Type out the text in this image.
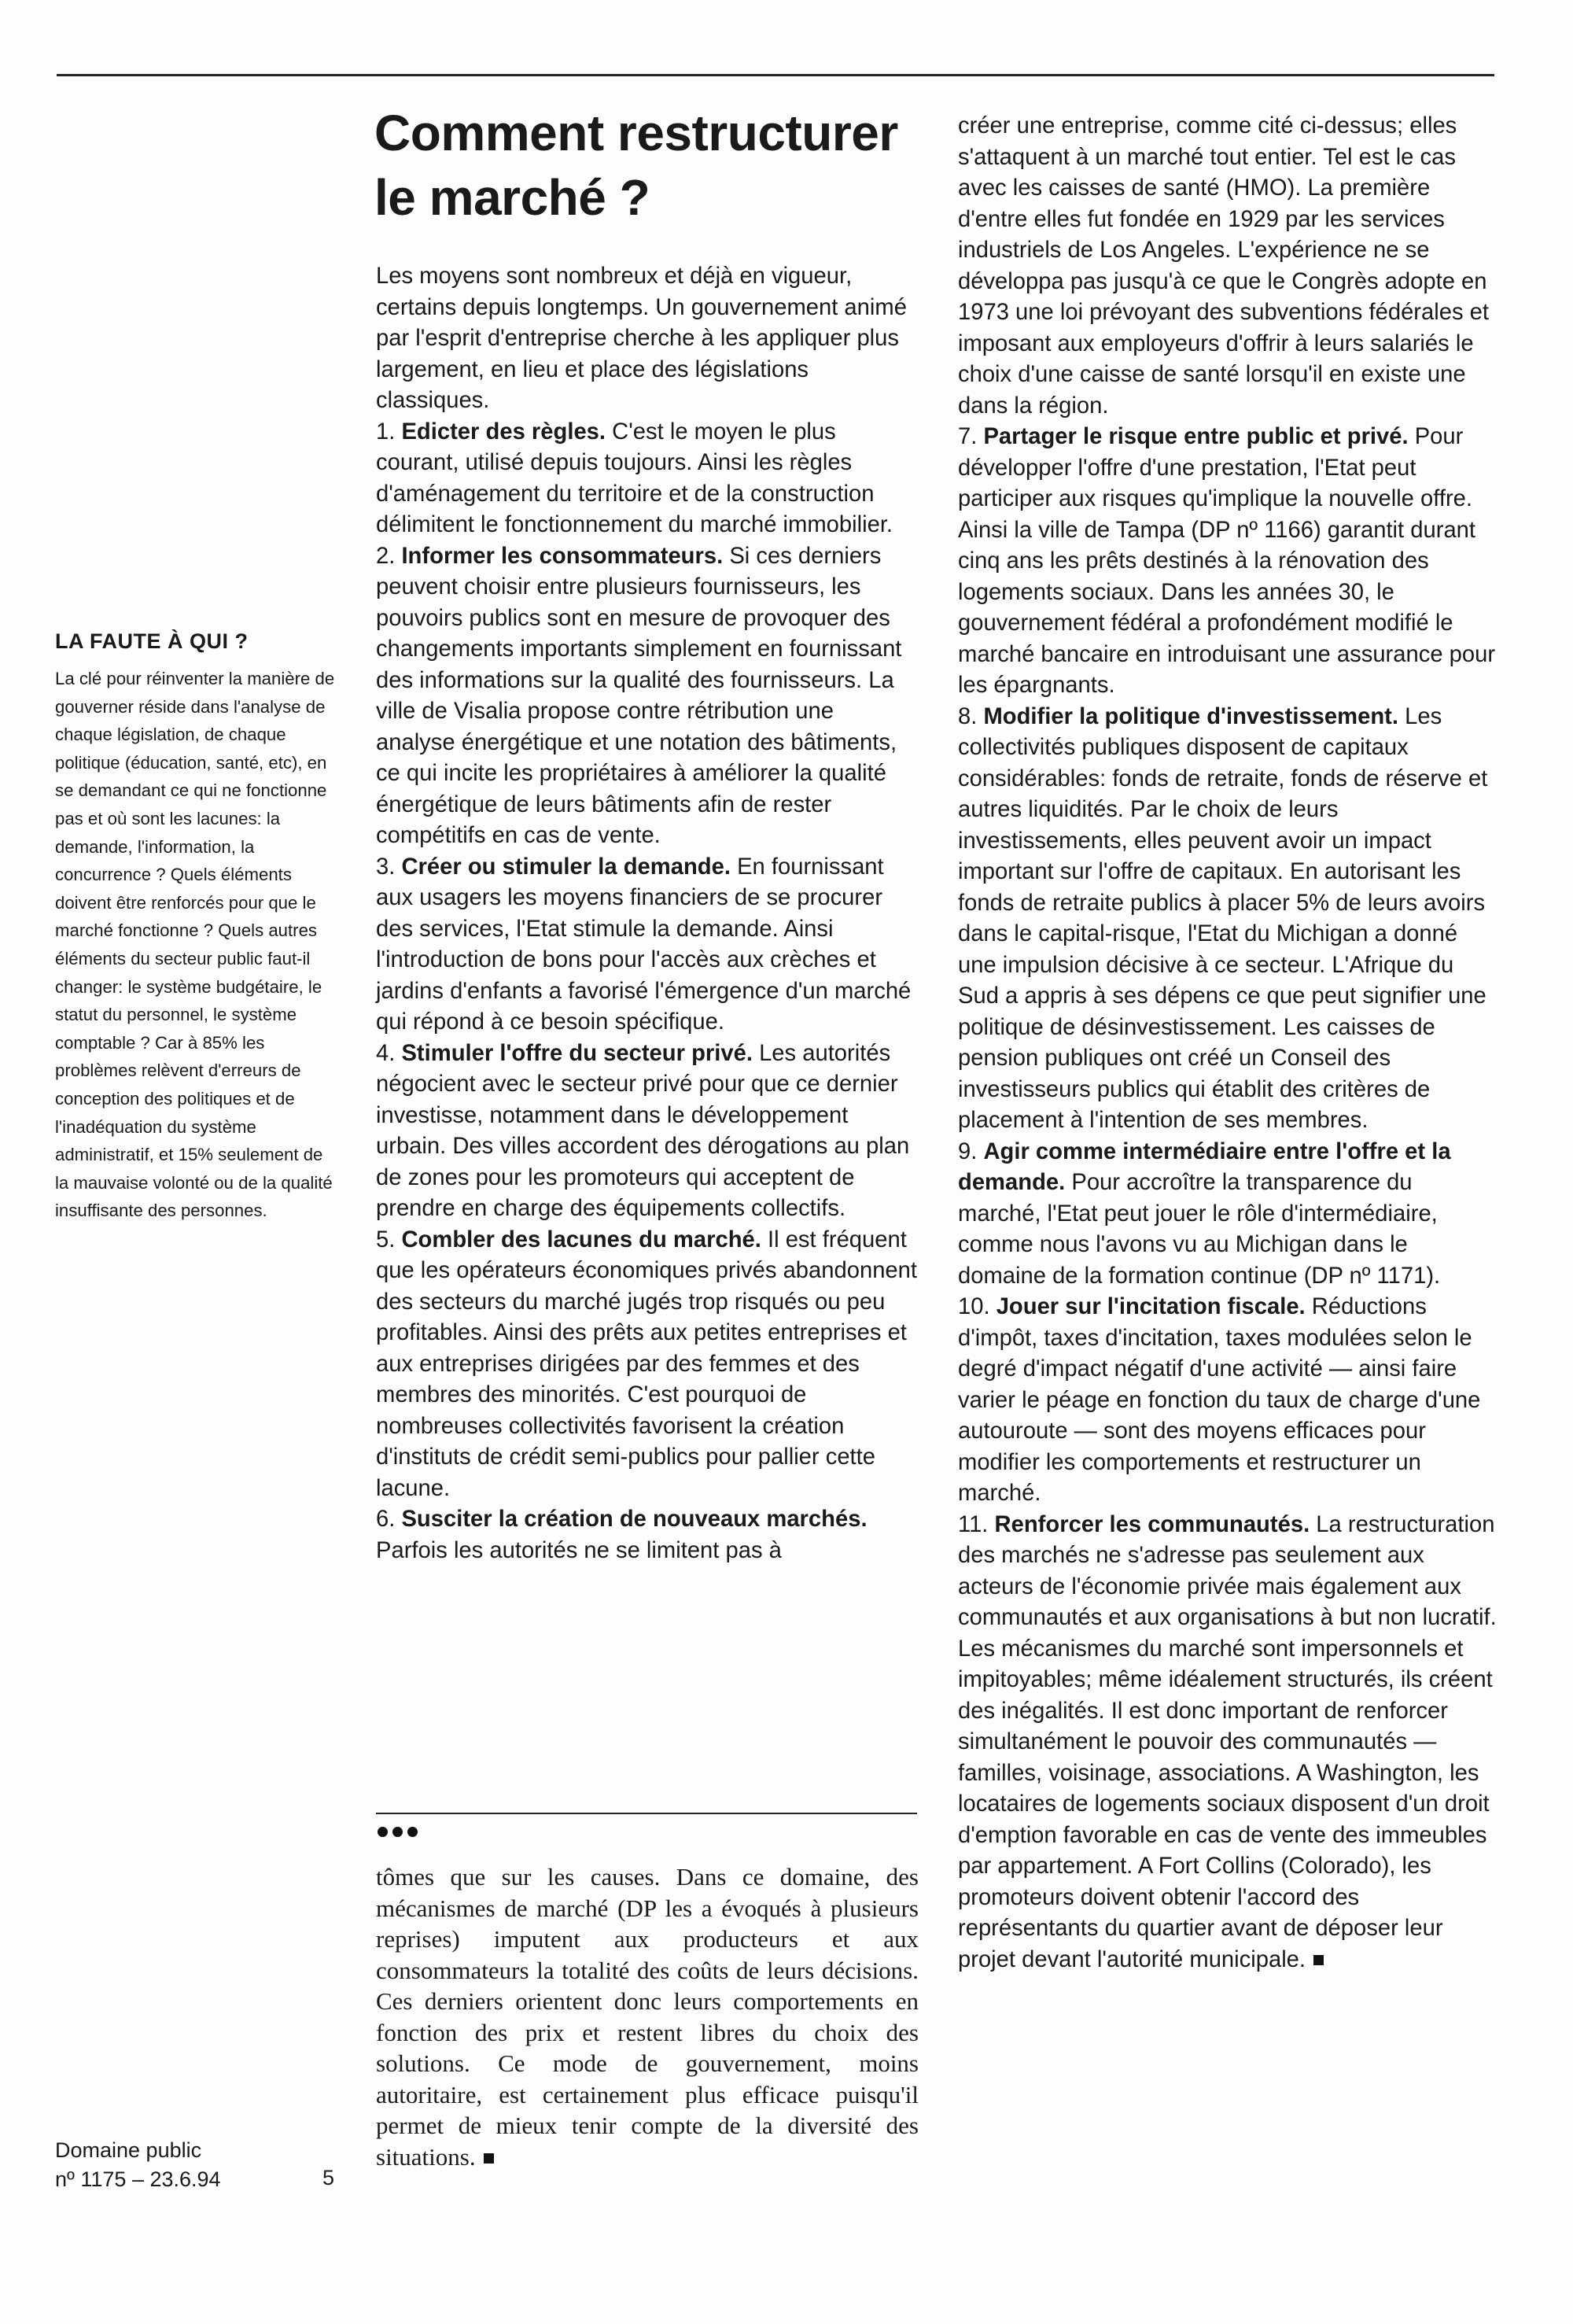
LA FAUTE À QUI ?

La clé pour réinventer la manière de gouverner réside dans l'analyse de chaque législation, de chaque politique (éducation, santé, etc), en se demandant ce qui ne fonctionne pas et où sont les lacunes: la demande, l'information, la concurrence ? Quels éléments doivent être renforcés pour que le marché fonctionne ? Quels autres éléments du secteur public faut-il changer: le système budgétaire, le statut du personnel, le système comptable ? Car à 85% les problèmes relèvent d'erreurs de conception des politiques et de l'inadéquation du système administratif, et 15% seulement de la mauvaise volonté ou de la qualité insuffisante des personnes.

Comment restructurer
le marché ?

Les moyens sont nombreux et déjà en vigueur, certains depuis longtemps. Un gouvernement animé par l'esprit d'entreprise cherche à les appliquer plus largement, en lieu et place des législations classiques.

1. Edicter des règles. C'est le moyen le plus courant, utilisé depuis toujours. Ainsi les règles d'aménagement du territoire et de la construction délimitent le fonctionnement du marché immobilier.

2. Informer les consommateurs. Si ces derniers peuvent choisir entre plusieurs fournisseurs, les pouvoirs publics sont en mesure de provoquer des changements importants simplement en fournissant des informations sur la qualité des fournisseurs. La ville de Visalia propose contre rétribution une analyse énergétique et une notation des bâtiments, ce qui incite les propriétaires à améliorer la qualité énergétique de leurs bâtiments afin de rester compétitifs en cas de vente.

3. Créer ou stimuler la demande. En fournissant aux usagers les moyens financiers de se procurer des services, l'Etat stimule la demande. Ainsi l'introduction de bons pour l'accès aux crèches et jardins d'enfants a favorisé l'émergence d'un marché qui répond à ce besoin spécifique.

4. Stimuler l'offre du secteur privé. Les autorités négocient avec le secteur privé pour que ce dernier investisse, notamment dans le développement urbain. Des villes accordent des dérogations au plan de zones pour les promoteurs qui acceptent de prendre en charge des équipements collectifs.

5. Combler des lacunes du marché. Il est fréquent que les opérateurs économiques privés abandonnent des secteurs du marché jugés trop risqués ou peu profitables. Ainsi des prêts aux petites entreprises et aux entreprises dirigées par des femmes et des membres des minorités. C'est pourquoi de nombreuses collectivités favorisent la création d'instituts de crédit semi-publics pour pallier cette lacune.

6. Susciter la création de nouveaux marchés. Parfois les autorités ne se limitent pas à

créer une entreprise, comme cité ci-dessus; elles s'attaquent à un marché tout entier. Tel est le cas avec les caisses de santé (HMO). La première d'entre elles fut fondée en 1929 par les services industriels de Los Angeles. L'expérience ne se développa pas jusqu'à ce que le Congrès adopte en 1973 une loi prévoyant des subventions fédérales et imposant aux employeurs d'offrir à leurs salariés le choix d'une caisse de santé lorsqu'il en existe une dans la région.

7. Partager le risque entre public et privé. Pour développer l'offre d'une prestation, l'Etat peut participer aux risques qu'implique la nouvelle offre. Ainsi la ville de Tampa (DP nº 1166) garantit durant cinq ans les prêts destinés à la rénovation des logements sociaux. Dans les années 30, le gouvernement fédéral a profondément modifié le marché bancaire en introduisant une assurance pour les épargnants.

8. Modifier la politique d'investissement. Les collectivités publiques disposent de capitaux considérables: fonds de retraite, fonds de réserve et autres liquidités. Par le choix de leurs investissements, elles peuvent avoir un impact important sur l'offre de capitaux. En autorisant les fonds de retraite publics à placer 5% de leurs avoirs dans le capital-risque, l'Etat du Michigan a donné une impulsion décisive à ce secteur. L'Afrique du Sud a appris à ses dépens ce que peut signifier une politique de désinvestissement. Les caisses de pension publiques ont créé un Conseil des investisseurs publics qui établit des critères de placement à l'intention de ses membres.

9. Agir comme intermédiaire entre l'offre et la demande. Pour accroître la transparence du marché, l'Etat peut jouer le rôle d'intermédiaire, comme nous l'avons vu au Michigan dans le domaine de la formation continue (DP nº 1171).

10. Jouer sur l'incitation fiscale. Réductions d'impôt, taxes d'incitation, taxes modulées selon le degré d'impact négatif d'une activité — ainsi faire varier le péage en fonction du taux de charge d'une autouroute — sont des moyens efficaces pour modifier les comportements et restructurer un marché.

11. Renforcer les communautés. La restructuration des marchés ne s'adresse pas seulement aux acteurs de l'économie privée mais également aux communautés et aux organisations à but non lucratif. Les mécanismes du marché sont impersonnels et impitoyables; même idéalement structurés, ils créent des inégalités. Il est donc important de renforcer simultanément le pouvoir des communautés — familles, voisinage, associations. A Washington, les locataires de logements sociaux disposent d'un droit d'emption favorable en cas de vente des immeubles par appartement. A Fort Collins (Colorado), les promoteurs doivent obtenir l'accord des représentants du quartier avant de déposer leur projet devant l'autorité municipale.

tômes que sur les causes. Dans ce domaine, des mécanismes de marché (DP les a évoqués à plusieurs reprises) imputent aux producteurs et aux consommateurs la totalité des coûts de leurs décisions. Ces derniers orientent donc leurs comportements en fonction des prix et restent libres du choix des solutions. Ce mode de gouvernement, moins autoritaire, est certainement plus efficace puisqu'il permet de mieux tenir compte de la diversité des situations.

Domaine public
nº 1175 – 23.6.94	5
